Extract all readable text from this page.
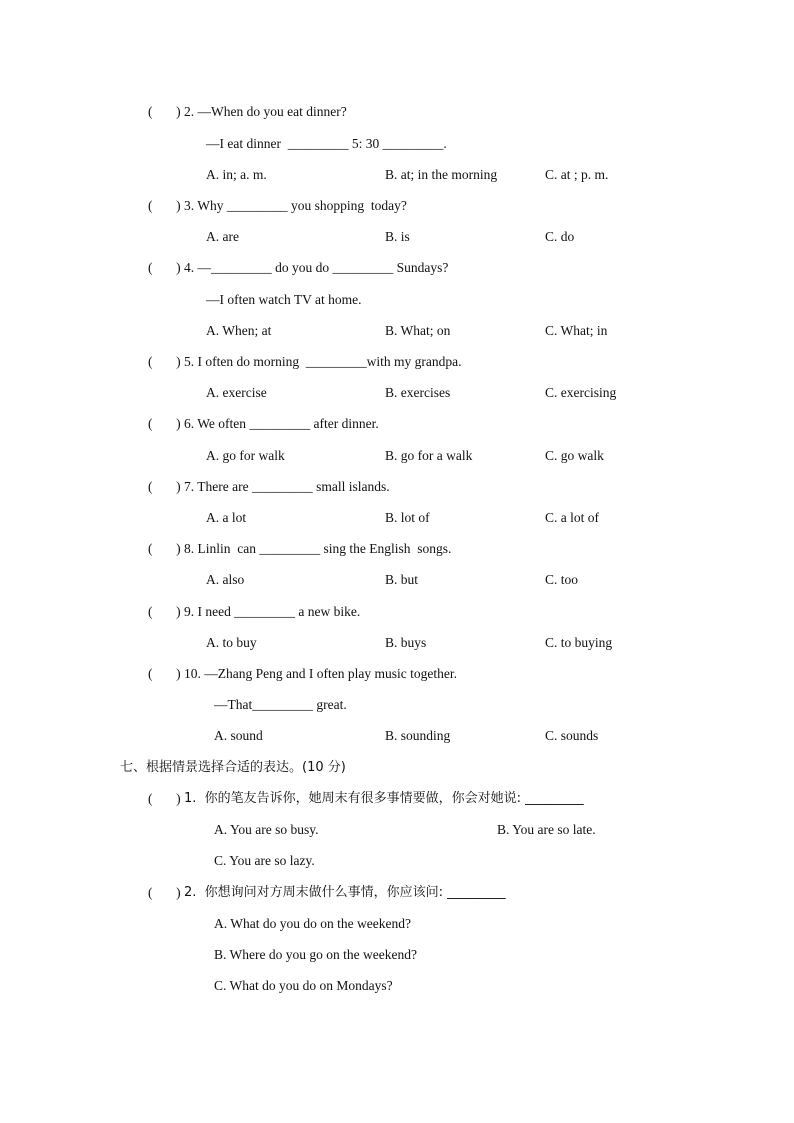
(       ) 2. —When do you eat dinner?
—I eat dinner  _________ 5: 30 _________.
A. in; a. m.	B. at; in the morning	C. at ; p. m.
(       ) 3. Why _________ you shopping  today?
A. are	B. is	C. do
(       ) 4. —_________ do you do _________ Sundays?
—I often watch TV at home.
A. When; at	B. What; on	C. What; in
(       ) 5. I often do morning  _________with my grandpa.
A. exercise	B. exercises	C. exercising
(       ) 6. We often _________ after dinner.
A. go for walk	B. go for a walk	C. go walk
(       ) 7. There are _________ small islands.
A. a lot	B. lot of	C. a lot of
(       ) 8. Linlin  can _________ sing the English  songs.
A. also	B. but	C. too
(       ) 9. I need _________ a new bike.
A. to buy	B. buys	C. to buying
(       ) 10. —Zhang Peng and I often play music together.
—That_________ great.
A. sound	B. sounding	C. sounds
七、根据情景选择合适的表达。(10 分)
(       ) 1.  你的笔友告诉你，她周末有很多事情要做，你会对她说: _________
A. You are so busy.	B. You are so late.
C. You are so lazy.
(       ) 2.  你想询问对方周末做什么事情，你应该问: _________
A. What do you do on the weekend?
B. Where do you go on the weekend?
C. What do you do on Mondays?
